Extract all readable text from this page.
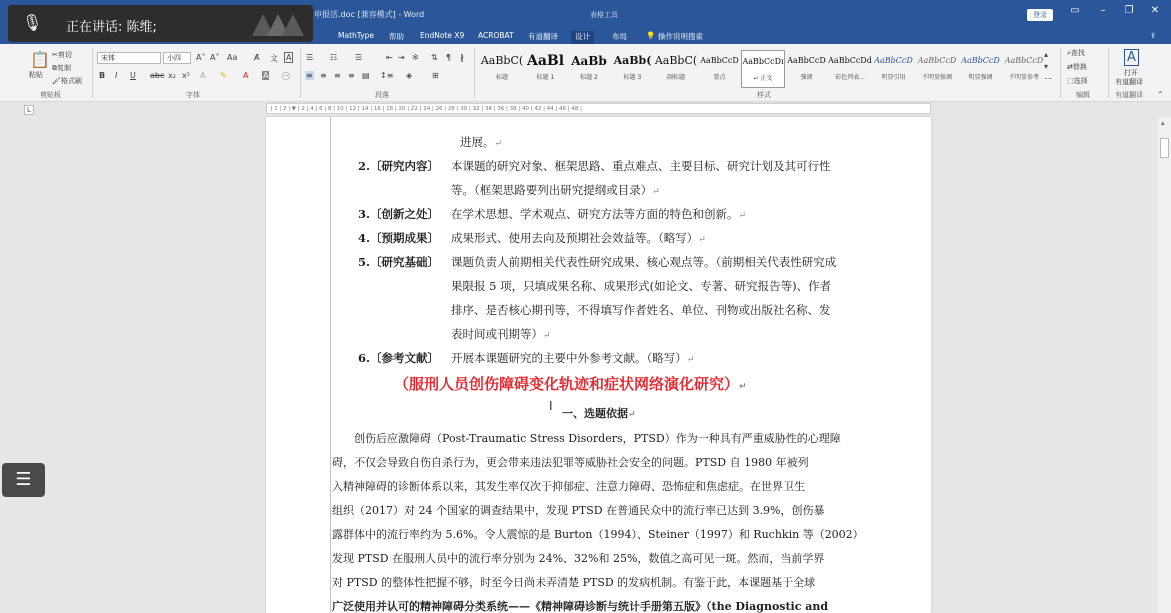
申报活.doc [兼容模式] - Word	表格工具	登录	▭	–	❐	✕
MathType 帮助 EndNote X9 ACROBAT 有道翻译	设计	布局	💡 操作说明搜索	⇪
📋
粘贴
✂剪切
⧉复制
🖌格式刷
剪贴板
宋体	小四	A˄ A˅ Aa A̸ 文 A
B I U abc x₂ x² A ✎ A A ㊀
字体
☰ ☷ ☰	⇤ ⇥ ※ ⇅ ¶ ∦
≡ ≡ ≡ ≡ ▤ ↕≡ ◈ ⊞
段落
AaBbC(
标题
AaBl
标题 1
AaBb
标题 2
AaBb(
标题 3
AaBbC(
副标题
AaBbCcD
要点
AaBbCcDı
↵ 正文
AaBbCcD
强调
AaBbCcDd
彩色列表...
AaBbCcD
明显引用
AaBbCcD
不明显强调
AaBbCcD
明显强调
AaBbCcD
不明显参考
▴
▾
⋯
样式
⌕查找
⇄替换
⬚选择
编辑
A
打开
有道翻译
有道翻译 ⌃
L	| 1 | 2 | ▼ | 2 | 4 | 6 | 8 | 10 | 12 | 14 | 16 | 18 | 20 | 22 | 24 | 26 | 28 | 30 | 32 | 34 | 36 | 38 | 40 | 42 | 44 | 46 | 48 |
进展。↵
2.〔研究内容〕 本课题的研究对象、框架思路、重点难点、主要目标、研究计划及其可行性
等。（框架思路要列出研究提纲或目录）↵
3.〔创新之处〕 在学术思想、学术观点、研究方法等方面的特色和创新。↵
4.〔预期成果〕 成果形式、使用去向及预期社会效益等。（略写）↵
5.〔研究基础〕 课题负责人前期相关代表性研究成果、核心观点等。（前期相关代表性研究成
果限报 5 项，只填成果名称、成果形式(如论文、专著、研究报告等)、作者
排序、是否核心期刊等，不得填写作者姓名、单位、刊物或出版社名称、发
表时间或刊期等）↵
6.〔参考文献〕 开展本课题研究的主要中外参考文献。（略写）↵
（服刑人员创伤障碍变化轨迹和症状网络演化研究）↵
一、选题依据↵
创伤后应激障碍（Post-Traumatic Stress Disorders，PTSD）作为一种具有严重威胁性的心理障
碍，不仅会导致自伤自杀行为，更会带来违法犯罪等威胁社会安全的问题。PTSD 自 1980 年被列
入精神障碍的诊断体系以来，其发生率仅次于抑郁症、注意力障碍、恐怖症和焦虑症。在世界卫生
组织（2017）对 24 个国家的调查结果中，发现 PTSD 在普通民众中的流行率已达到 3.9%，创伤暴
露群体中的流行率约为 5.6%。令人震惊的是 Burton（1994）、Steiner（1997）和 Ruchkin 等（2002）
发现 PTSD 在服刑人员中的流行率分别为 24%、32%和 25%，数值之高可见一斑。然而，当前学界
对 PTSD 的整体性把握不够，时至今日尚未弄清楚 PTSD 的发病机制。有鉴于此，本课题基于全球
广泛使用并认可的精神障碍分类系统——《精神障碍诊断与统计手册第五版》（the Diagnostic and
I
▴
🎙 正在讲话: 陈维;
☰
